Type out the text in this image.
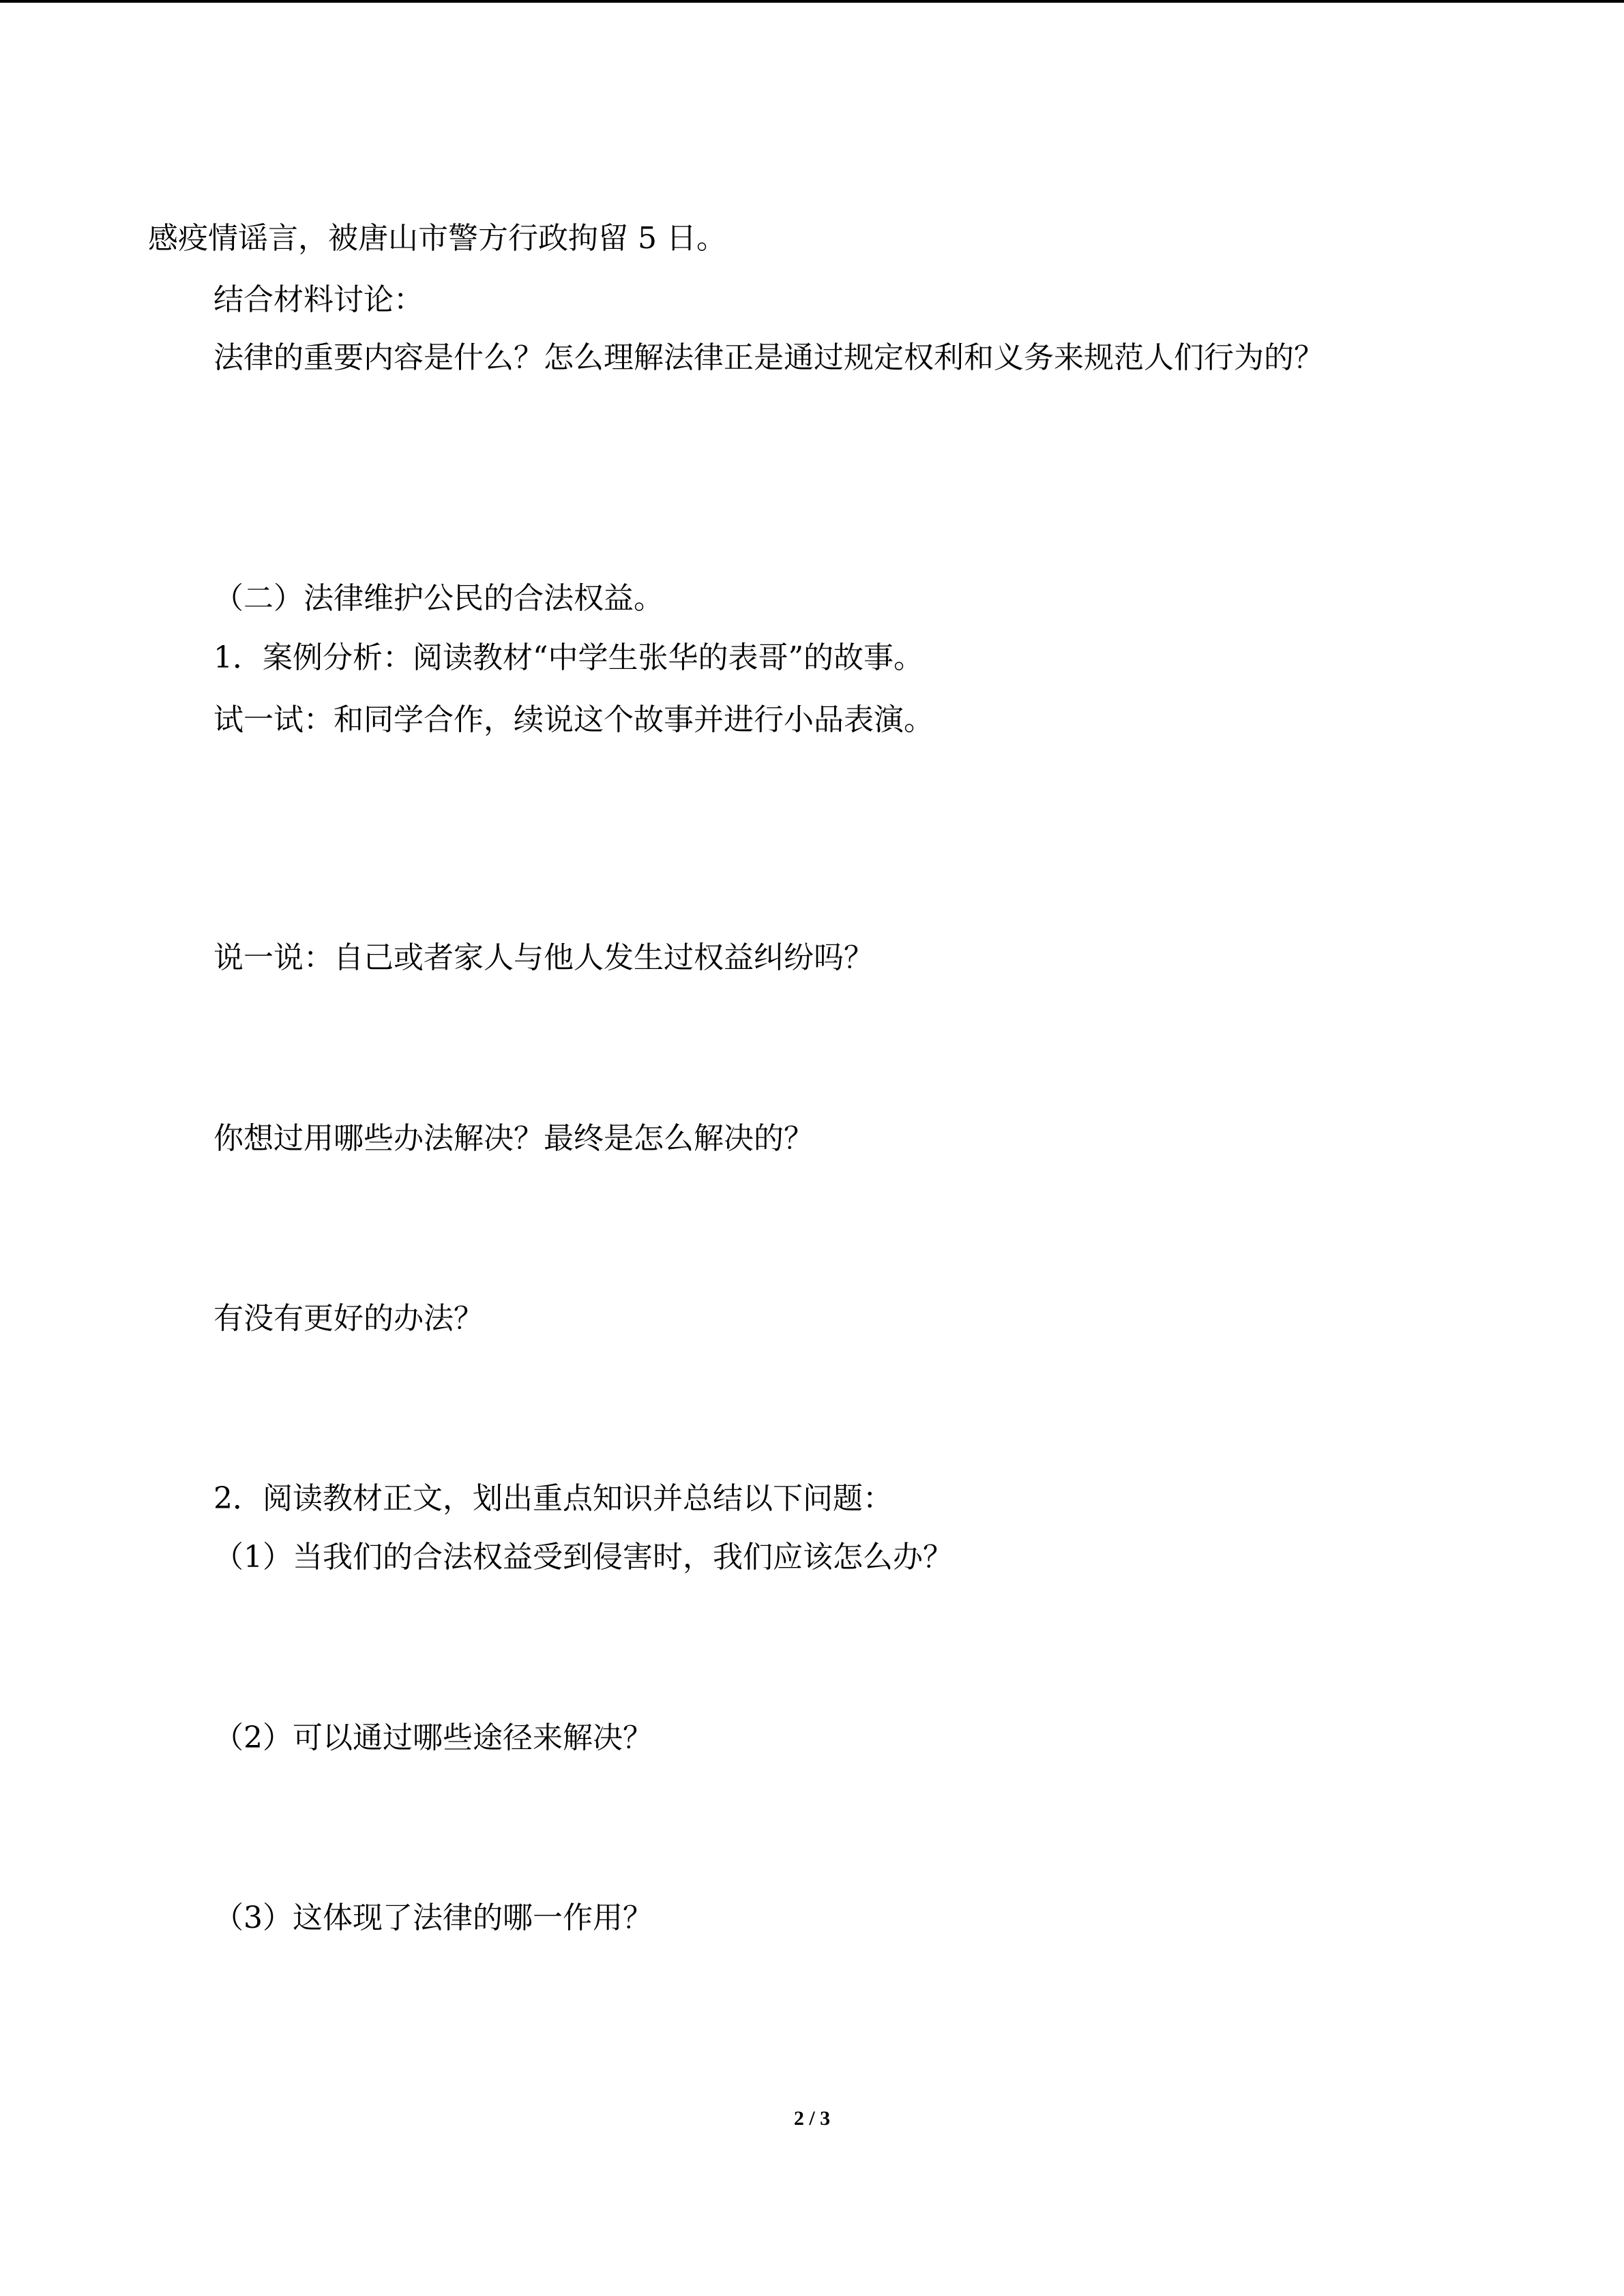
感疫情谣言，被唐山市警方行政拘留 5 日。

结合材料讨论：

法律的重要内容是什么？怎么理解法律正是通过规定权利和义务来规范人们行为的？

（二）法律维护公民的合法权益。

1．案例分析：阅读教材“中学生张华的表哥”的故事。

试一试：和同学合作，续说这个故事并进行小品表演。

说一说：自己或者家人与他人发生过权益纠纷吗？

你想过用哪些办法解决？最终是怎么解决的？

有没有更好的办法？

2．阅读教材正文，划出重点知识并总结以下问题：

（1）当我们的合法权益受到侵害时，我们应该怎么办？

（2）可以通过哪些途径来解决？

（3）这体现了法律的哪一作用？

2 / 3
